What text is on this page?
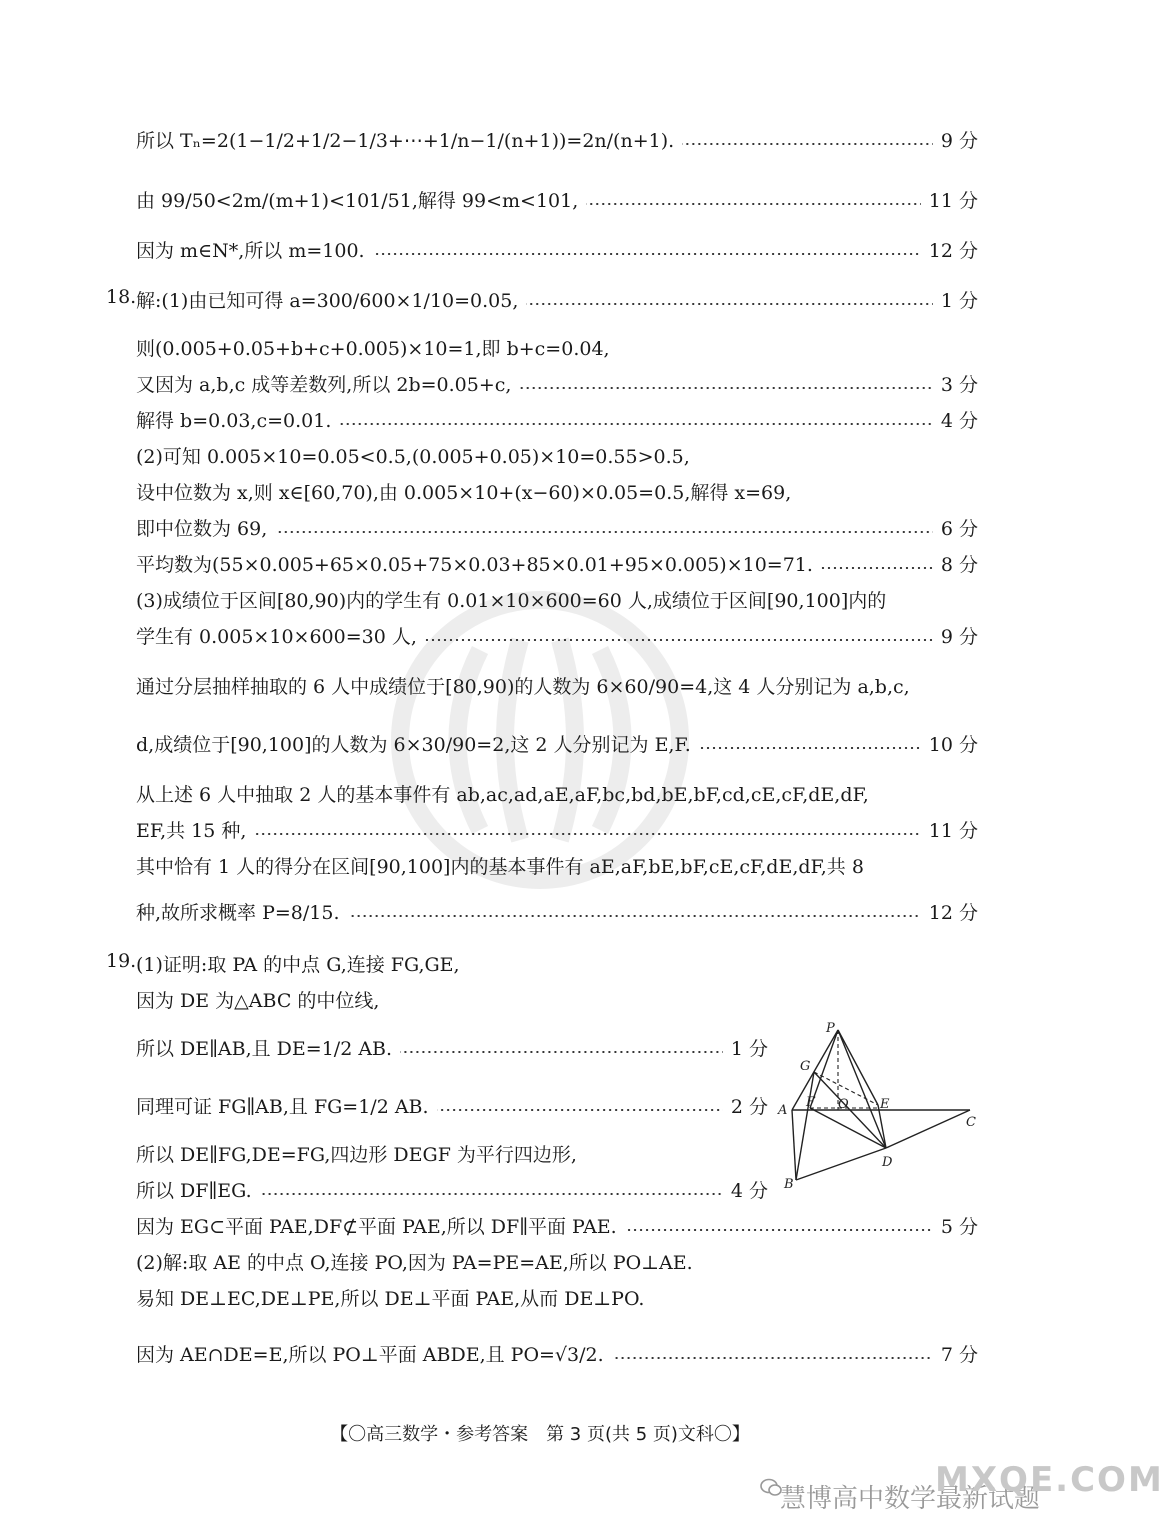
所以 Tₙ=2(1−1/2+1/2−1/3+⋯+1/n−1/(n+1))=2n/(n+1).	9 分
由 99/50<2m/(m+1)<101/51,解得 99<m<101,	11 分
因为 m∈N*,所以 m=100.	12 分
18. 解:(1)由已知可得 a=300/600×1/10=0.05,	1 分
则(0.005+0.05+b+c+0.005)×10=1,即 b+c=0.04,
又因为 a,b,c 成等差数列,所以 2b=0.05+c,	3 分
解得 b=0.03,c=0.01.	4 分
(2)可知 0.005×10=0.05<0.5,(0.005+0.05)×10=0.55>0.5,
设中位数为 x,则 x∈[60,70),由 0.005×10+(x−60)×0.05=0.5,解得 x=69,
即中位数为 69,	6 分
平均数为(55×0.005+65×0.05+75×0.03+85×0.01+95×0.005)×10=71.	8 分
(3)成绩位于区间[80,90)内的学生有 0.01×10×600=60 人,成绩位于区间[90,100]内的
学生有 0.005×10×600=30 人,	9 分
通过分层抽样抽取的 6 人中成绩位于[80,90)的人数为 6×60/90=4,这 4 人分别记为 a,b,c,
d,成绩位于[90,100]的人数为 6×30/90=2,这 2 人分别记为 E,F.	10 分
从上述 6 人中抽取 2 人的基本事件有 ab,ac,ad,aE,aF,bc,bd,bE,bF,cd,cE,cF,dE,dF,
EF,共 15 种,	11 分
其中恰有 1 人的得分在区间[90,100]内的基本事件有 aE,aF,bE,bF,cE,cF,dE,dF,共 8
种,故所求概率 P=8/15.	12 分
19. (1)证明:取 PA 的中点 G,连接 FG,GE,
因为 DE 为△ABC 的中位线,
所以 DE∥AB,且 DE=1/2 AB.	1 分
同理可证 FG∥AB,且 FG=1/2 AB.	2 分
所以 DE∥FG,DE=FG,四边形 DEGF 为平行四边形,
所以 DF∥EG.	4 分
因为 EG⊂平面 PAE,DF⊄平面 PAE,所以 DF∥平面 PAE.	5 分
(2)解:取 AE 的中点 O,连接 PO,因为 PA=PE=AE,所以 PO⊥AE.
易知 DE⊥EC,DE⊥PE,所以 DE⊥平面 PAE,从而 DE⊥PO.
因为 AE∩DE=E,所以 PO⊥平面 ABDE,且 PO=√3/2.	7 分
P
G
A
F O E
C
D
B
【〇高三数学・参考答案　第 3 页(共 5 页)文科〇】
慧博高中数学最新试题
MXQE.COM
